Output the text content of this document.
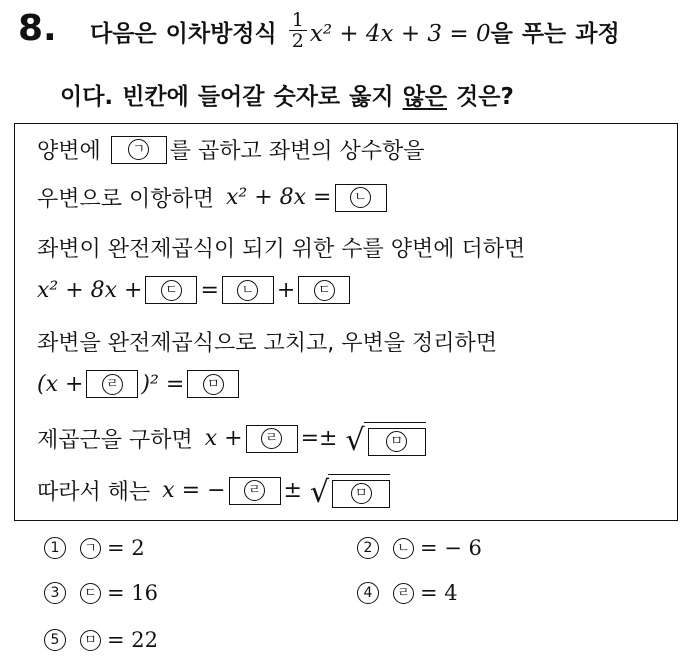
8. 다음은 이차방정식 $\frac{1}{2} x^2 + 4x + 3 = 0$을 푸는 과정
이다. 빈칸에 들어갈 숫자로 옳지 않은 것은?
양변에	ㄱ 를 곱하고 좌변의 상수항을
우변으로 이항하면 x² + 8x =	ㄴ
좌변이 완전제곱식이 되기 위한 수를 양변에 더하면
x² + 8x +	ㄷ =	ㄴ +	ㄷ
좌변을 완전제곱식으로 고치고, 우변을 정리하면
(x +	ㄹ )² =	ㅁ
제곱근을 구하면 x +	ㄹ =± √	ㅁ
따라서 해는 x = −	ㄹ ± √	ㅁ
1	ㄱ = 2	2	ㄴ = − 6
3	ㄷ = 16	4	ㄹ = 4
5	ㅁ = 22
